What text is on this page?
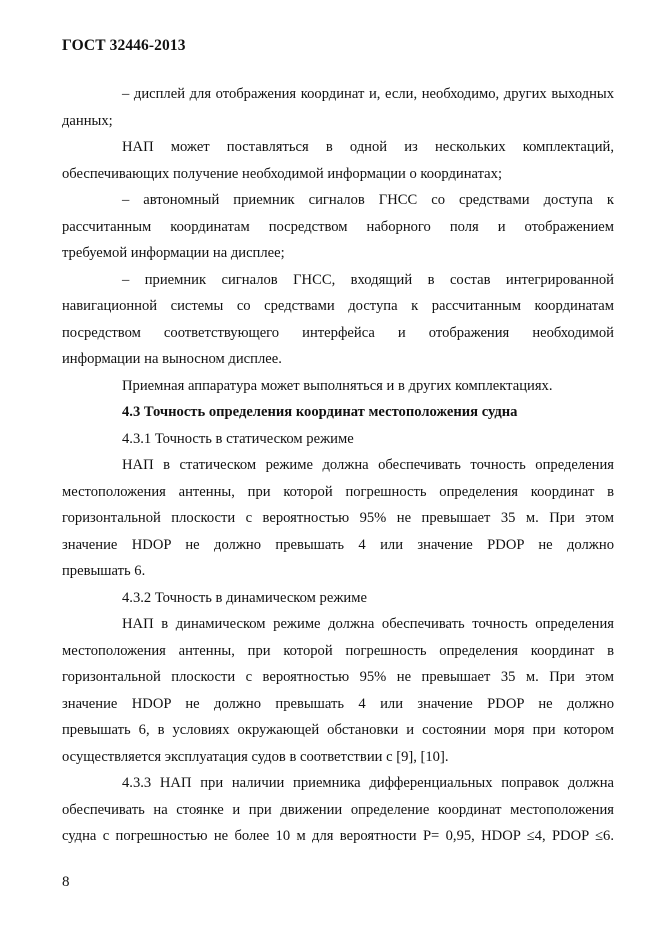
ГОСТ 32446-2013
– дисплей для отображения координат и, если, необходимо, других выходных
данных;
НАП может поставляться в одной из нескольких комплектаций,
обеспечивающих получение необходимой информации о координатах;
– автономный приемник сигналов ГНСС со средствами доступа к
рассчитанным координатам посредством наборного поля и отображением
требуемой информации на дисплее;
– приемник сигналов ГНСС, входящий в состав интегрированной
навигационной системы со средствами доступа к рассчитанным координатам
посредством соответствующего интерфейса и отображения необходимой
информации на выносном дисплее.
Приемная аппаратура может выполняться и в других комплектациях.
4.3 Точность определения координат местоположения судна
4.3.1 Точность в статическом режиме
НАП в статическом режиме должна обеспечивать точность определения
местоположения антенны, при которой погрешность определения координат в
горизонтальной плоскости с вероятностью 95% не превышает 35 м. При этом
значение HDOP не должно превышать 4 или значение PDOP не должно
превышать 6.
4.3.2 Точность в динамическом режиме
НАП в динамическом режиме должна обеспечивать точность определения
местоположения антенны, при которой погрешность определения координат в
горизонтальной плоскости с вероятностью 95% не превышает 35 м. При этом
значение HDOP не должно превышать 4 или значение PDOP не должно
превышать 6, в условиях окружающей обстановки и состоянии моря при котором
осуществляется эксплуатация судов в соответствии с [9], [10].
4.3.3 НАП при наличии приемника дифференциальных поправок должна
обеспечивать на стоянке и при движении определение координат местоположения
судна с погрешностью не более 10 м для вероятности P= 0,95, HDOP ≤4, PDOP ≤6.
8
